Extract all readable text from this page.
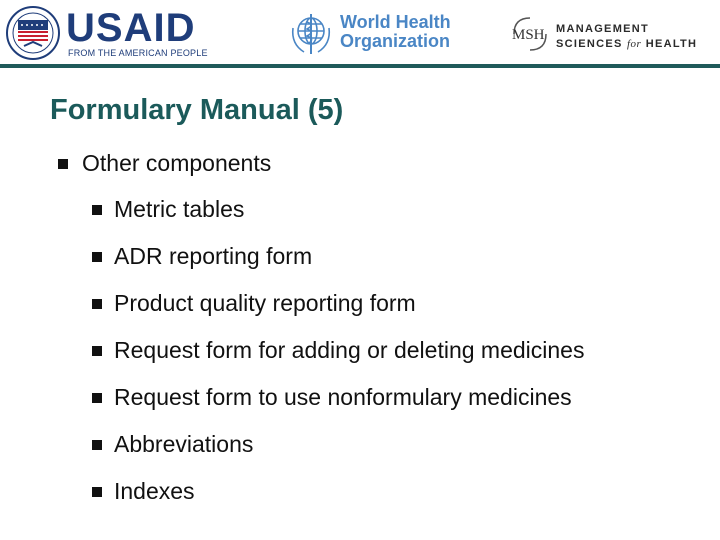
USAID
FROM THE AMERICAN PEOPLE
World Health
Organization	MSH MANAGEMENT
SCIENCES for HEALTH
Formulary Manual (5)
Other components
Metric tables
ADR reporting form
Product quality reporting form
Request form for adding or deleting medicines
Request form to use nonformulary medicines
Abbreviations
Indexes
